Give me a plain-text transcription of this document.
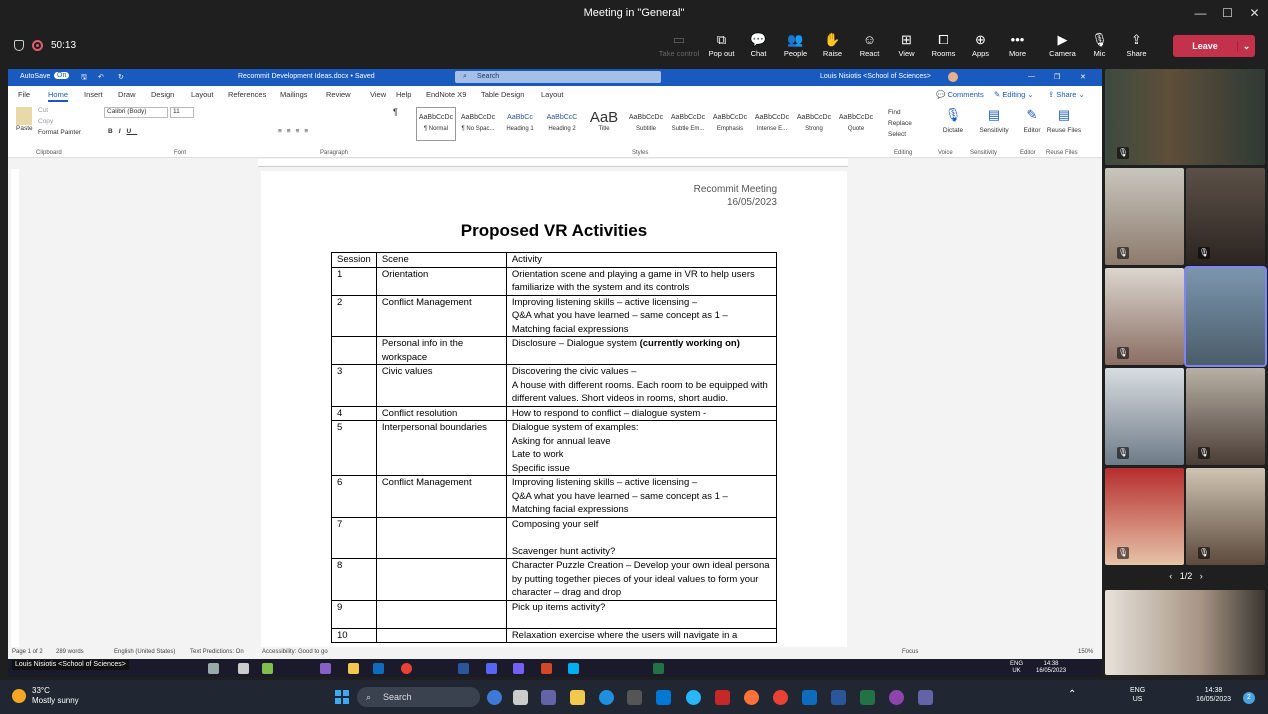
Meeting in "General"	—	☐	✕
50:13	▭
Take control
⧉
Pop out
💬
Chat
👥
People
✋
Raise
☺
React
⊞
View
⧠
Rooms
⊕
Apps
•••
More
▶
Camera
🎙
Mic
⇪
Share
Leave	⌄
AutoSave On	🖫 ↶ ↻	Recommit Development Ideas.docx • Saved	⌕ Search	Louis Nisiotis <School of Sciences>	—	❐	✕
💬 Comments ✎ Editing ⌄ ⇪ Share ⌄
File Home Insert Draw Design Layout References Mailings Review	View Help EndNote X9 Table Design Layout
Paste
Cut
Copy
Format Painter
Calibri (Body)	11
BIU	≡≡≡≡
¶
AaBbCcDc
¶ Normal
AaBbCcDc
¶ No Spac...
AaBbCc
Heading 1
AaBbCcC
Heading 2
AaB
Title
AaBbCcDc
Subtitle
AaBbCcDc
Subtle Em...
AaBbCcDc
Emphasis
AaBbCcDc
Intense E...
AaBbCcDc
Strong
AaBbCcDc
Quote
Find
Replace
Select
🎙
Dictate
▤
Sensitivity
✎
Editor
▤
Reuse Files
Clipboard	Font	Paragraph	Styles	Editing	Voice	Sensitivity	Editor Reuse Files
Recommit Meeting
16/05/2023
Proposed VR Activities
Session	Scene	Activity
1	Orientation	Orientation scene and playing a game in VR to help users familiarize with the system and its controls

2	Conflict Management	Improving listening skills – active licensing –
Q&A what you have learned – same concept as 1 –
Matching facial expressions

	Personal info in the workspace	Disclosure – Dialogue system (currently working on)

3	Civic values	Discovering the civic values –
A house with different rooms. Each room to be equipped with different values. Short videos in rooms, short audio.

4	Conflict resolution	How to respond to conflict – dialogue system -

5	Interpersonal boundaries	Dialogue system of examples:
Asking for annual leave
Late to work
Specific issue

6	Conflict Management	Improving listening skills – active licensing –
Q&A what you have learned – same concept as 1 –
Matching facial expressions

7		Composing your self
Scavenger hunt activity?

8		Character Puzzle Creation – Develop your own ideal persona by putting together pieces of your ideal values to form your character – drag and drop

9		Pick up items activity?

10		Relaxation exercise where the users will navigate in a
Page 1 of 2 289 words	English (United States) Text Predictions: On	Accessibility: Good to go	Focus	150%
Louis Nisiotis <School of Sciences>	ENG
UK
14:38
16/05/2023
🎙
🎙	🎙
🎙
🎙	🎙
🎙	🎙
‹ 1/2 ›
33°C
Mostly sunny	⌕ Search	⌃	ENG
US
14:38
16/05/2023	2
